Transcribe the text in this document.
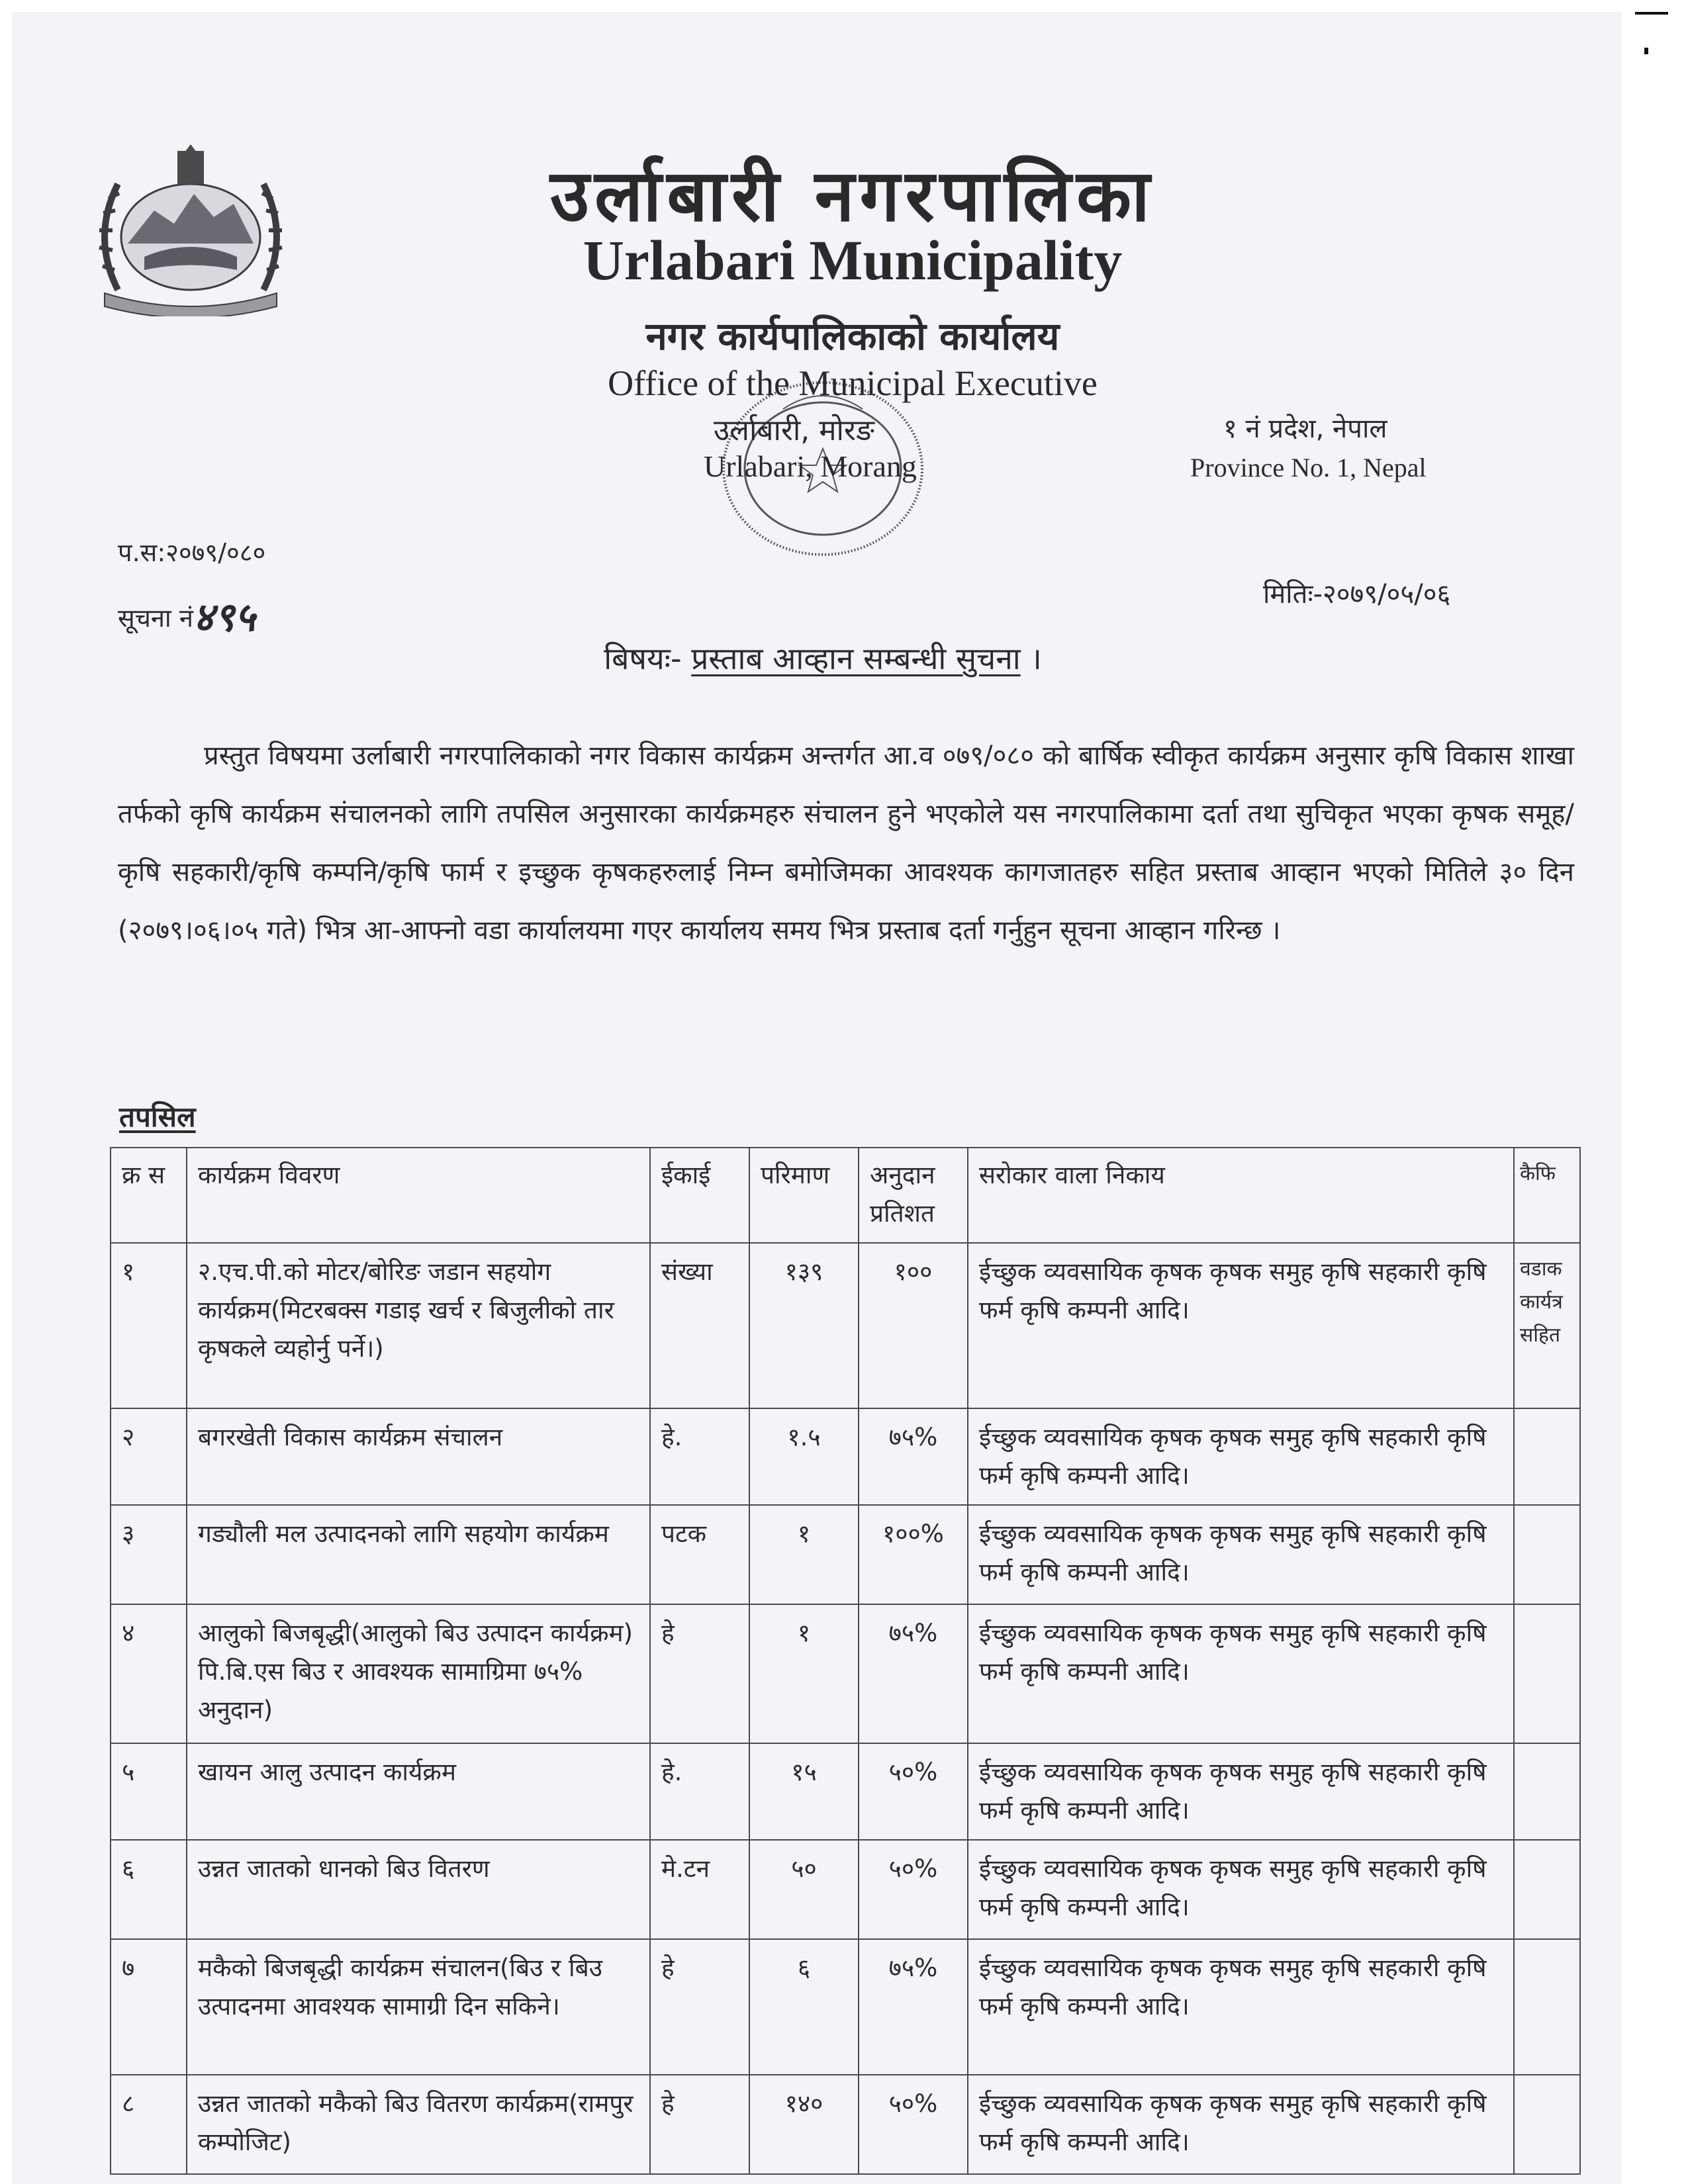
उर्लाबारी नगरपालिका
Urlabari Municipality
नगर कार्यपालिकाको कार्यालय
Office of the Municipal Executive
उर्लाबारी, मोरङ
Urlabari, Morang
१ नं प्रदेश, नेपाल
Province No. 1, Nepal
प.स:२०७९/०८०
सूचना नं४९५	मितिः-२०७९/०५/०६
बिषयः- प्रस्ताब आव्हान सम्बन्धी सुचना ।
प्रस्तुत विषयमा उर्लाबारी नगरपालिकाको नगर विकास कार्यक्रम अन्तर्गत आ.व ०७९/०८० को बार्षिक स्वीकृत कार्यक्रम अनुसार कृषि विकास शाखा तर्फको कृषि कार्यक्रम संचालनको लागि तपसिल अनुसारका कार्यक्रमहरु संचालन हुने भएकोले यस नगरपालिकामा दर्ता तथा सुचिकृत भएका कृषक समूह/कृषि सहकारी/कृषि कम्पनि/कृषि फार्म र इच्छुक कृषकहरुलाई निम्न बमोजिमका आवश्यक कागजातहरु सहित प्रस्ताब आव्हान भएको मितिले ३० दिन (२०७९।०६।०५ गते) भित्र आ-आफ्नो वडा कार्यालयमा गएर कार्यालय समय भित्र प्रस्ताब दर्ता गर्नुहुन सूचना आव्हान गरिन्छ ।
तपसिल
क्र स	कार्यक्रम विवरण	ईकाई	परिमाण	अनुदान प्रतिशत	सरोकार वाला निकाय	कैफि
१	२.एच.पी.को मोटर/बोरिङ जडान सहयोग कार्यक्रम(मिटरबक्स गडाइ खर्च र बिजुलीको तार कृषकले व्यहोर्नु पर्ने।)	संख्या	१३९	१००	ईच्छुक व्यवसायिक कृषक कृषक समुह कृषि सहकारी कृषि फर्म कृषि कम्पनी आदि।	वडाक
कार्यत्र
सहित

२	बगरखेती विकास कार्यक्रम संचालन	हे.	१.५	७५%	ईच्छुक व्यवसायिक कृषक कृषक समुह कृषि सहकारी कृषि फर्म कृषि कम्पनी आदि।	
३	गड्यौली मल उत्पादनको लागि सहयोग कार्यक्रम	पटक	१	१००%	ईच्छुक व्यवसायिक कृषक कृषक समुह कृषि सहकारी कृषि फर्म कृषि कम्पनी आदि।	
४	आलुको बिजबृद्धी(आलुको बिउ उत्पादन कार्यक्रम) पि.बि.एस बिउ र आवश्यक सामाग्रिमा ७५% अनुदान)	हे	१	७५%	ईच्छुक व्यवसायिक कृषक कृषक समुह कृषि सहकारी कृषि फर्म कृषि कम्पनी आदि।	
५	खायन आलु उत्पादन कार्यक्रम	हे.	१५	५०%	ईच्छुक व्यवसायिक कृषक कृषक समुह कृषि सहकारी कृषि फर्म कृषि कम्पनी आदि।	
६	उन्नत जातको धानको बिउ वितरण	मे.टन	५०	५०%	ईच्छुक व्यवसायिक कृषक कृषक समुह कृषि सहकारी कृषि फर्म कृषि कम्पनी आदि।	
७	मकैको बिजबृद्धी कार्यक्रम संचालन(बिउ र बिउ उत्पादनमा आवश्यक सामाग्री दिन सकिने।	हे	६	७५%	ईच्छुक व्यवसायिक कृषक कृषक समुह कृषि सहकारी कृषि फर्म कृषि कम्पनी आदि।	
८	उन्नत जातको मकैको बिउ वितरण कार्यक्रम(रामपुर कम्पोजिट)	हे	१४०	५०%	ईच्छुक व्यवसायिक कृषक कृषक समुह कृषि सहकारी कृषि फर्म कृषि कम्पनी आदि।	
